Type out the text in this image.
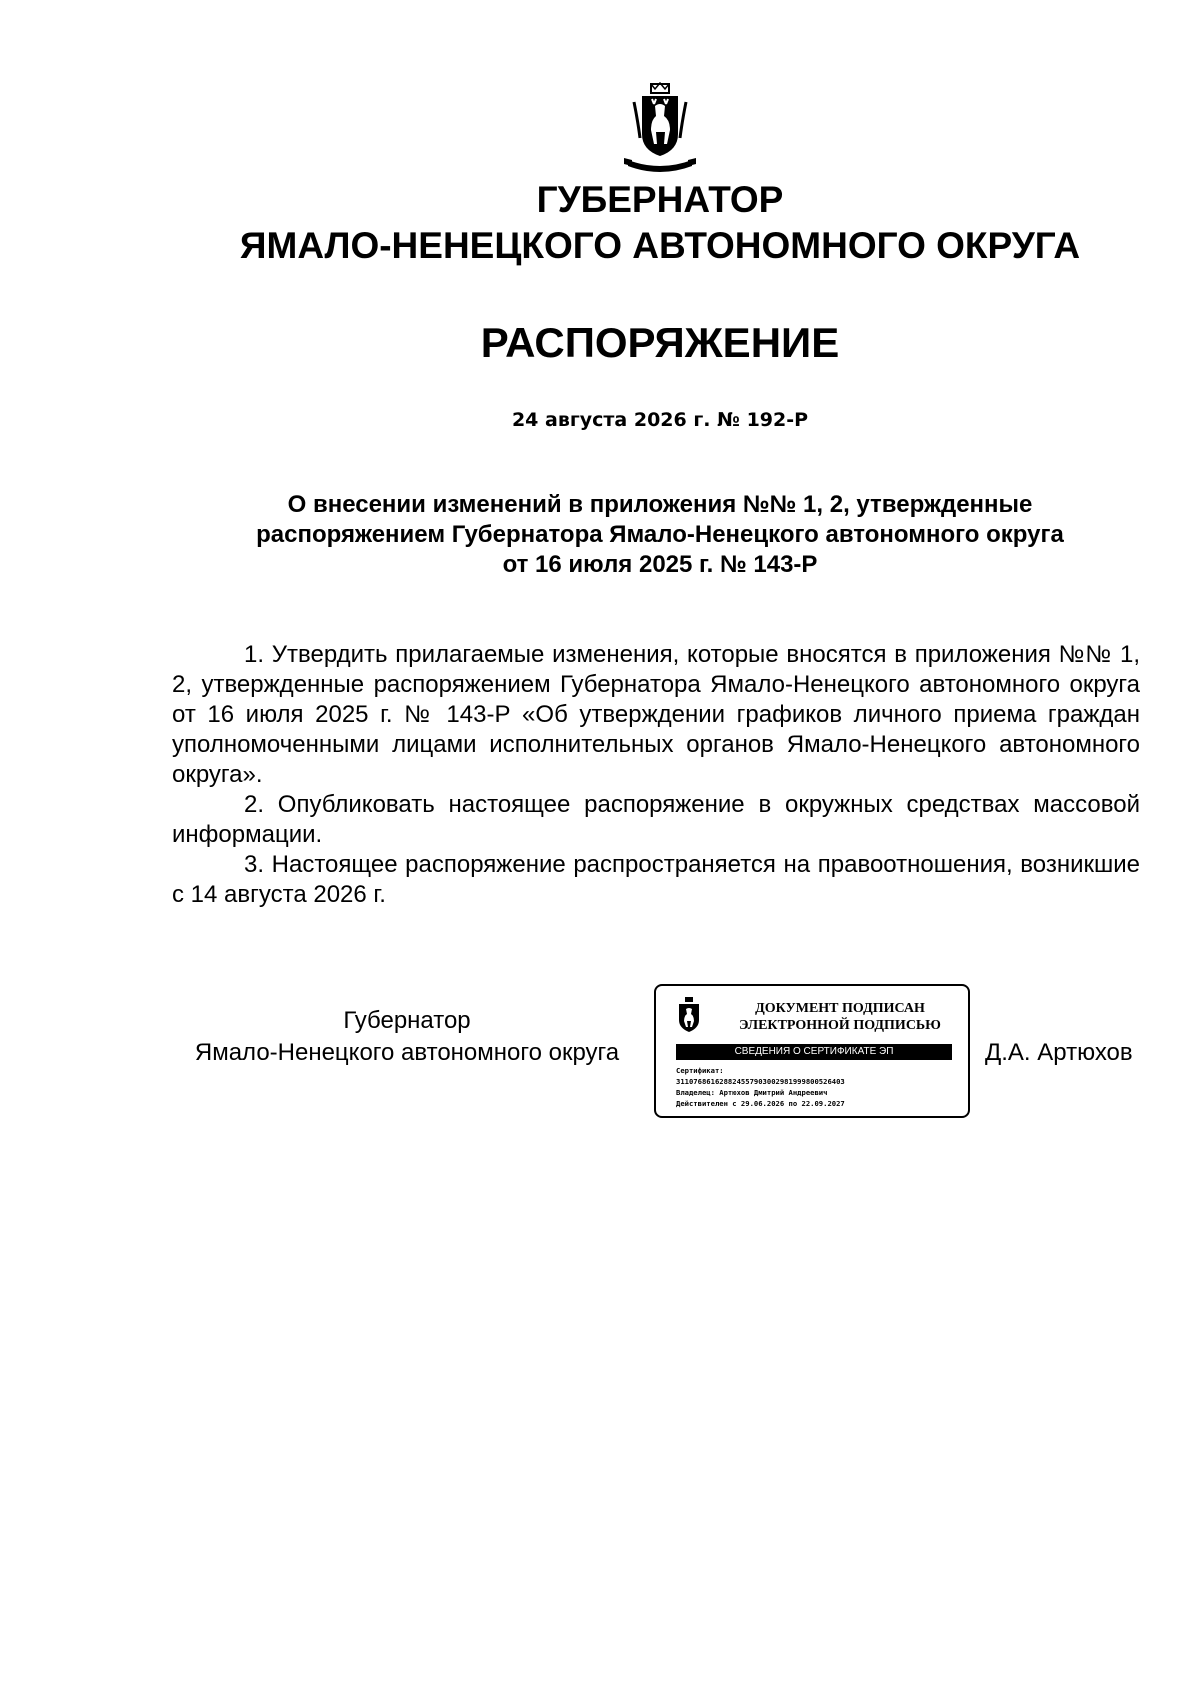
ГУБЕРНАТОР
ЯМАЛО-НЕНЕЦКОГО АВТОНОМНОГО ОКРУГА
РАСПОРЯЖЕНИЕ
24 августа 2026 г. № 192-Р
О внесении изменений в приложения №№ 1, 2, утвержденные
распоряжением Губернатора Ямало-Ненецкого автономного округа
от 16 июля 2025 г. № 143-Р

1. Утвердить прилагаемые изменения, которые вносятся в приложения №№ 1, 2, утвержденные распоряжением Губернатора Ямало-Ненецкого автономного округа от 16 июля 2025 г. № 143-Р «Об утверждении графиков личного приема граждан уполномоченными лицами исполнительных органов Ямало-Ненецкого автономного округа».

2. Опубликовать настоящее распоряжение в окружных средствах массовой информации.

3. Настоящее распоряжение распространяется на правоотношения, возникшие с 14 августа 2026 г.

Губернатор
Ямало-Ненецкого автономного округа
ДОКУМЕНТ ПОДПИСАН
ЭЛЕКТРОННОЙ ПОДПИСЬЮ
СВЕДЕНИЯ О СЕРТИФИКАТЕ ЭП
Сертификат:
311076861628824557903002981999800526403
Владелец: Артюхов Дмитрий Андреевич
Действителен с 29.06.2026 по 22.09.2027
Д.А. Артюхов
